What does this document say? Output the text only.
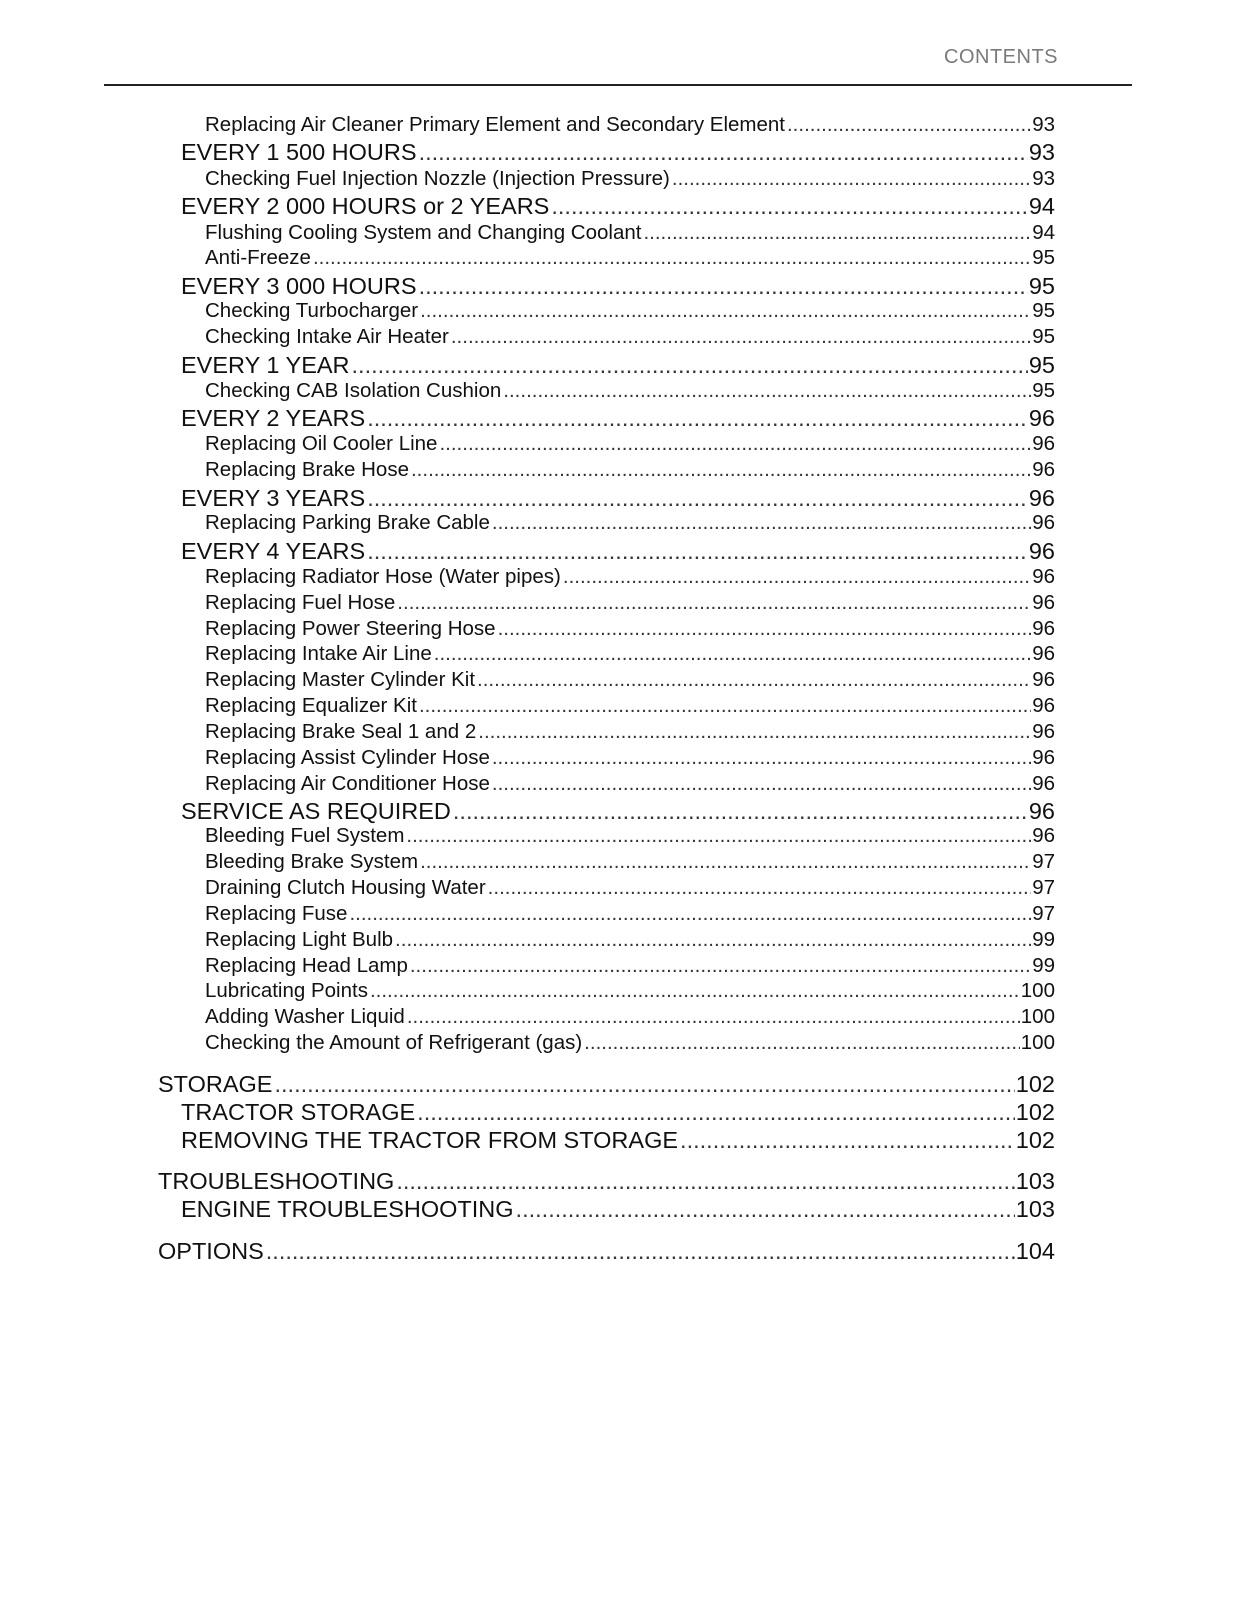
CONTENTS
Replacing Air Cleaner Primary Element and Secondary Element .....	93
EVERY 1 500 HOURS .....	93
Checking Fuel Injection Nozzle (Injection Pressure) .....	93
EVERY 2 000 HOURS or 2 YEARS .....	94
Flushing Cooling System and Changing Coolant .....	94
Anti-Freeze .....	95
EVERY 3 000 HOURS .....	95
Checking Turbocharger .....	95
Checking Intake Air Heater .....	95
EVERY 1 YEAR .....	95
Checking CAB Isolation Cushion .....	95
EVERY 2 YEARS .....	96
Replacing Oil Cooler Line .....	96
Replacing Brake Hose .....	96
EVERY 3 YEARS .....	96
Replacing Parking Brake Cable .....	96
EVERY 4 YEARS .....	96
Replacing Radiator Hose (Water pipes) .....	96
Replacing Fuel Hose .....	96
Replacing Power Steering Hose .....	96
Replacing Intake Air Line .....	96
Replacing Master Cylinder Kit .....	96
Replacing Equalizer Kit .....	96
Replacing Brake Seal 1 and 2 .....	96
Replacing Assist Cylinder Hose .....	96
Replacing Air Conditioner Hose .....	96
SERVICE AS REQUIRED .....	96
Bleeding Fuel System .....	96
Bleeding Brake System .....	97
Draining Clutch Housing Water .....	97
Replacing Fuse .....	97
Replacing Light Bulb .....	99
Replacing Head Lamp .....	99
Lubricating Points .....	100
Adding Washer Liquid .....	100
Checking the Amount of Refrigerant (gas) .....	100
STORAGE .....	102
TRACTOR STORAGE .....	102
REMOVING THE TRACTOR FROM STORAGE .....	102
TROUBLESHOOTING .....	103
ENGINE TROUBLESHOOTING .....	103
OPTIONS .....	104
